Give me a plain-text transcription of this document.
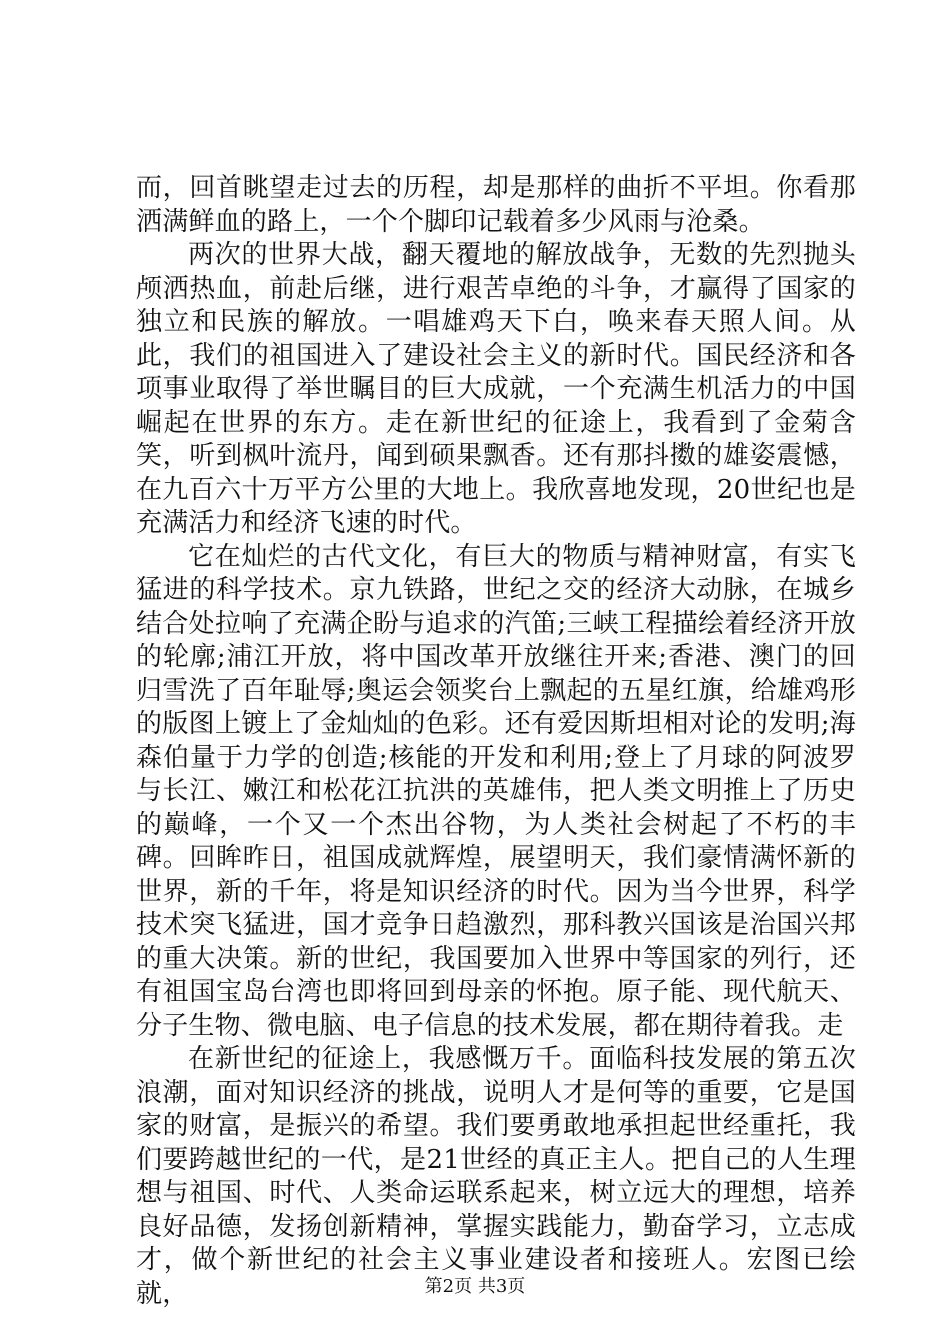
而，回首眺望走过去的历程，却是那样的曲折不平坦。你看那洒满鲜血的路上，一个个脚印记载着多少风雨与沧桑。

两次的世界大战，翻天覆地的解放战争，无数的先烈抛头颅洒热血，前赴后继，进行艰苦卓绝的斗争，才赢得了国家的独立和民族的解放。一唱雄鸡天下白，唤来春天照人间。从此，我们的祖国进入了建设社会主义的新时代。国民经济和各项事业取得了举世瞩目的巨大成就，一个充满生机活力的中国崛起在世界的东方。走在新世纪的征途上，我看到了金菊含笑，听到枫叶流丹，闻到硕果飘香。还有那抖擞的雄姿震憾，在九百六十万平方公里的大地上。我欣喜地发现，20世纪也是充满活力和经济飞速的时代。

它在灿烂的古代文化，有巨大的物质与精神财富，有实飞猛进的科学技术。京九铁路，世纪之交的经济大动脉，在城乡结合处拉响了充满企盼与追求的汽笛;三峡工程描绘着经济开放的轮廓;浦江开放，将中国改革开放继往开来;香港、澳门的回归雪洗了百年耻辱;奥运会领奖台上飘起的五星红旗，给雄鸡形的版图上镀上了金灿灿的色彩。还有爱因斯坦相对论的发明;海森伯量于力学的创造;核能的开发和利用;登上了月球的阿波罗与长江、嫩江和松花江抗洪的英雄伟，把人类文明推上了历史的巅峰，一个又一个杰出谷物，为人类社会树起了不朽的丰碑。回眸昨日，祖国成就辉煌，展望明天，我们豪情满怀新的世界，新的千年，将是知识经济的时代。因为当今世界，科学技术突飞猛进，国才竞争日趋激烈，那科教兴国该是治国兴邦的重大决策。新的世纪，我国要加入世界中等国家的列行，还有祖国宝岛台湾也即将回到母亲的怀抱。原子能、现代航天、分子生物、微电脑、电子信息的技术发展，都在期待着我。走

在新世纪的征途上，我感慨万千。面临科技发展的第五次浪潮，面对知识经济的挑战，说明人才是何等的重要，它是国家的财富，是振兴的希望。我们要勇敢地承担起世经重托，我们要跨越世纪的一代，是21世经的真正主人。把自己的人生理想与祖国、时代、人类命运联系起来，树立远大的理想，培养良好品德，发扬创新精神，掌握实践能力，勤奋学习，立志成才，做个新世纪的社会主义事业建设者和接班人。宏图已绘就，	第2页 共3页
